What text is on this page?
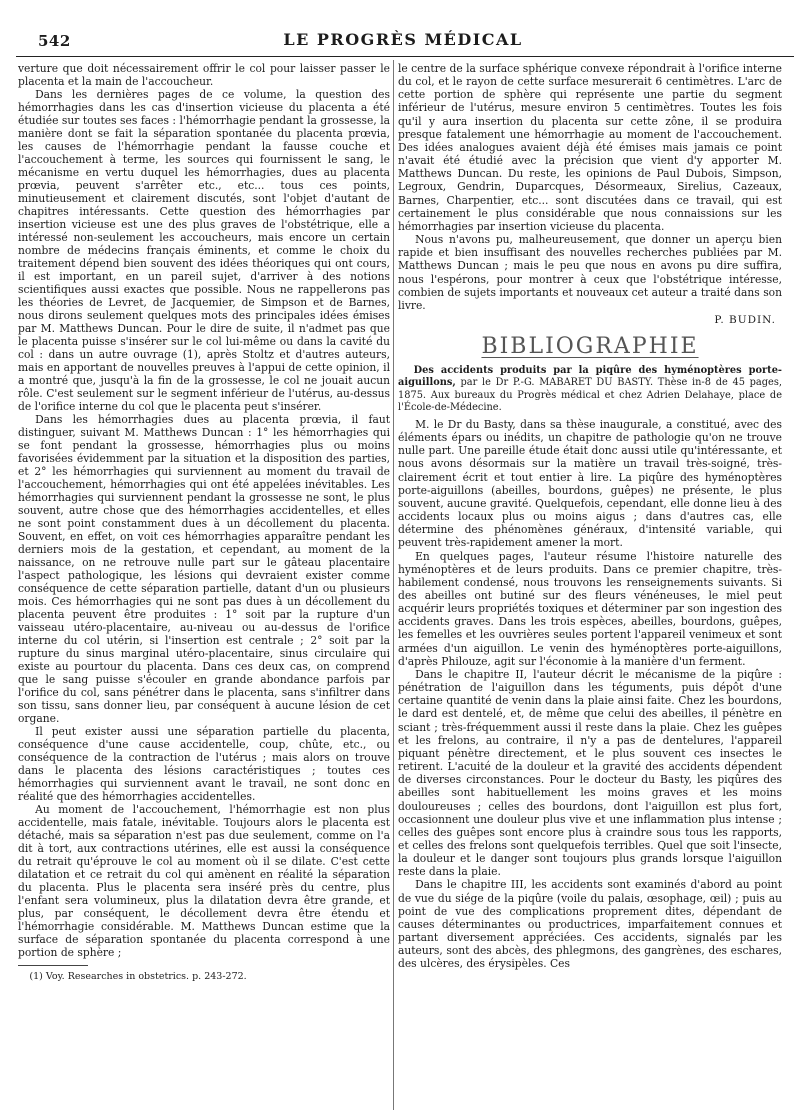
542	LE PROGRÈS MÉDICAL

verture que doit nécessairement offrir le col pour laisser passer le placenta et la main de l'accoucheur.

Dans les dernières pages de ce volume, la question des hémorrhagies dans les cas d'insertion vicieuse du placenta a été étudiée sur toutes ses faces : l'hémorrhagie pendant la grossesse, la manière dont se fait la séparation spontanée du placenta prœvia, les causes de l'hémorrhagie pendant la fausse couche et l'accouchement à terme, les sources qui fournissent le sang, le mécanisme en vertu duquel les hémorrhagies, dues au placenta prœvia, peuvent s'arrêter etc., etc... tous ces points, minutieusement et clairement discutés, sont l'objet d'autant de chapitres intéressants. Cette question des hémorrhagies par insertion vicieuse est une des plus graves de l'obstétrique, elle a intéressé non-seulement les accoucheurs, mais encore un certain nombre de médecins français éminents, et comme le choix du traitement dépend bien souvent des idées théoriques qui ont cours, il est important, en un pareil sujet, d'arriver à des notions scientifiques aussi exactes que possible. Nous ne rappellerons pas les théories de Levret, de Jacquemier, de Simpson et de Barnes, nous dirons seulement quelques mots des principales idées émises par M. Matthews Duncan. Pour le dire de suite, il n'admet pas que le placenta puisse s'insérer sur le col lui-même ou dans la cavité du col : dans un autre ouvrage (1), après Stoltz et d'autres auteurs, mais en apportant de nouvelles preuves à l'appui de cette opinion, il a montré que, jusqu'à la fin de la grossesse, le col ne jouait aucun rôle. C'est seulement sur le segment inférieur de l'utérus, au-dessus de l'orifice interne du col que le placenta peut s'insérer.

Dans les hémorrhagies dues au placenta prœvia, il faut distinguer, suivant M. Matthews Duncan : 1° les hémorrhagies qui se font pendant la grossesse, hémorrhagies plus ou moins favorisées évidemment par la situation et la disposition des parties, et 2° les hémorrhagies qui surviennent au moment du travail de l'accouchement, hémorrhagies qui ont été appelées inévitables. Les hémorrhagies qui surviennent pendant la grossesse ne sont, le plus souvent, autre chose que des hémorrhagies accidentelles, et elles ne sont point constamment dues à un décollement du placenta. Souvent, en effet, on voit ces hémorrhagies apparaître pendant les derniers mois de la gestation, et cependant, au moment de la naissance, on ne retrouve nulle part sur le gâteau placentaire l'aspect pathologique, les lésions qui devraient exister comme conséquence de cette séparation partielle, datant d'un ou plusieurs mois. Ces hémorrhagies qui ne sont pas dues à un décollement du placenta peuvent être produites : 1° soit par la rupture d'un vaisseau utéro-placentaire, au-niveau ou au-dessus de l'orifice interne du col utérin, si l'insertion est centrale ; 2° soit par la rupture du sinus marginal utéro-placentaire, sinus circulaire qui existe au pourtour du placenta. Dans ces deux cas, on comprend que le sang puisse s'écouler en grande abondance parfois par l'orifice du col, sans pénétrer dans le placenta, sans s'infiltrer dans son tissu, sans donner lieu, par conséquent à aucune lésion de cet organe.

Il peut exister aussi une séparation partielle du placenta, conséquence d'une cause accidentelle, coup, chûte, etc., ou conséquence de la contraction de l'utérus ; mais alors on trouve dans le placenta des lésions caractéristiques ; toutes ces hémorrhagies qui surviennent avant le travail, ne sont donc en réalité que des hémorrhagies accidentelles.

Au moment de l'accouchement, l'hémorrhagie est non plus accidentelle, mais fatale, inévitable. Toujours alors le placenta est détaché, mais sa séparation n'est pas due seulement, comme on l'a dit à tort, aux contractions utérines, elle est aussi la conséquence du retrait qu'éprouve le col au moment où il se dilate. C'est cette dilatation et ce retrait du col qui amènent en réalité la séparation du placenta. Plus le placenta sera inséré près du centre, plus l'enfant sera volumineux, plus la dilatation devra être grande, et plus, par conséquent, le décollement devra être étendu et l'hémorrhagie considérable. M. Matthews Duncan estime que la surface de séparation spontanée du placenta correspond à une portion de sphère ;

(1) Voy. Researches in obstetrics. p. 243-272.

le centre de la surface sphérique convexe répondrait à l'orifice interne du col, et le rayon de cette surface mesurerait 6 centimètres. L'arc de cette portion de sphère qui représente une partie du segment inférieur de l'utérus, mesure environ 5 centimètres. Toutes les fois qu'il y aura insertion du placenta sur cette zône, il se produira presque fatalement une hémorrhagie au moment de l'accouchement. Des idées analogues avaient déjà été émises mais jamais ce point n'avait été étudié avec la précision que vient d'y apporter M. Matthews Duncan. Du reste, les opinions de Paul Dubois, Simpson, Legroux, Gendrin, Duparcques, Désormeaux, Sirelius, Cazeaux, Barnes, Charpentier, etc... sont discutées dans ce travail, qui est certainement le plus considérable que nous connaissions sur les hémorrhagies par insertion vicieuse du placenta.

Nous n'avons pu, malheureusement, que donner un aperçu bien rapide et bien insuffisant des nouvelles recherches publiées par M. Matthews Duncan ; mais le peu que nous en avons pu dire suffira, nous l'espérons, pour montrer à ceux que l'obstétrique intéresse, combien de sujets importants et nouveaux cet auteur a traité dans son livre.

P. BUDIN.
BIBLIOGRAPHIE
Des accidents produits par la piqûre des hyménoptères porte-aiguillons, par le Dr P.-G. MABARET DU BASTY. Thèse in-8 de 45 pages, 1875. Aux bureaux du Progrès médical et chez Adrien Delahaye, place de l'École-de-Médecine.

M. le Dr du Basty, dans sa thèse inaugurale, a constitué, avec des éléments épars ou inédits, un chapitre de pathologie qu'on ne trouve nulle part. Une pareille étude était donc aussi utile qu'intéressante, et nous avons désormais sur la matière un travail très-soigné, très-clairement écrit et tout entier à lire. La piqûre des hyménoptères porte-aiguillons (abeilles, bourdons, guêpes) ne présente, le plus souvent, aucune gravité. Quelquefois, cependant, elle donne lieu à des accidents locaux plus ou moins aigus ; dans d'autres cas, elle détermine des phénomènes généraux, d'intensité variable, qui peuvent très-rapidement amener la mort.

En quelques pages, l'auteur résume l'histoire naturelle des hyménoptères et de leurs produits. Dans ce premier chapitre, très-habilement condensé, nous trouvons les renseignements suivants. Si des abeilles ont butiné sur des fleurs vénéneuses, le miel peut acquérir leurs propriétés toxiques et déterminer par son ingestion des accidents graves. Dans les trois espèces, abeilles, bourdons, guêpes, les femelles et les ouvrières seules portent l'appareil venimeux et sont armées d'un aiguillon. Le venin des hyménoptères porte-aiguillons, d'après Philouze, agit sur l'économie à la manière d'un ferment.

Dans le chapitre II, l'auteur décrit le mécanisme de la piqûre : pénétration de l'aiguillon dans les téguments, puis dépôt d'une certaine quantité de venin dans la plaie ainsi faite. Chez les bourdons, le dard est dentelé, et, de même que celui des abeilles, il pénètre en sciant ; très-fréquemment aussi il reste dans la plaie. Chez les guêpes et les frelons, au contraire, il n'y a pas de dentelures, l'appareil piquant pénètre directement, et le plus souvent ces insectes le retirent. L'acuité de la douleur et la gravité des accidents dépendent de diverses circonstances. Pour le docteur du Basty, les piqûres des abeilles sont habituellement les moins graves et les moins douloureuses ; celles des bourdons, dont l'aiguillon est plus fort, occasionnent une douleur plus vive et une inflammation plus intense ; celles des guêpes sont encore plus à craindre sous tous les rapports, et celles des frelons sont quelquefois terribles. Quel que soit l'insecte, la douleur et le danger sont toujours plus grands lorsque l'aiguillon reste dans la plaie.

Dans le chapitre III, les accidents sont examinés d'abord au point de vue du siége de la piqûre (voile du palais, œsophage, œil) ; puis au point de vue des complications proprement dites, dépendant de causes déterminantes ou productrices, imparfaitement connues et partant diversement appréciées. Ces accidents, signalés par les auteurs, sont des abcès, des phlegmons, des gangrènes, des eschares, des ulcères, des érysipèles. Ces
